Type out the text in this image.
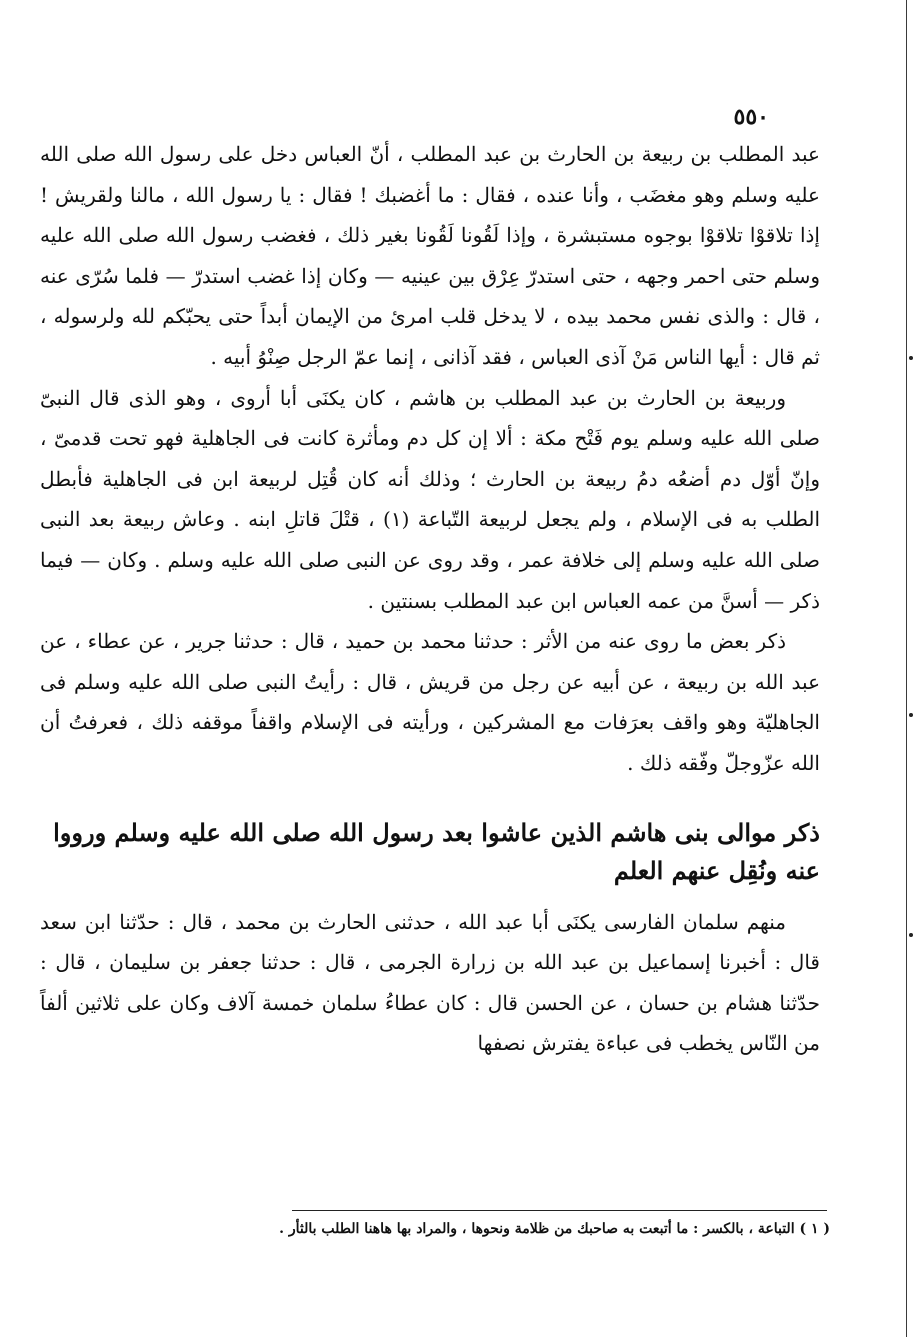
٥٥٠

عبد المطلب بن ربيعة بن الحارث بن عبد المطلب ، أنّ العباس دخل على رسول الله صلى الله عليه وسلم وهو مغضَب ، وأنا عنده ، فقال : ما أغضبك ! فقال : يا رسول الله ، مالنا ولقريش ! إذا تلاقوْا تلاقوْا بوجوه مستبشرة ، وإذا لَقُونا لَقُونا بغير ذلك ، فغضب رسول الله صلى الله عليه وسلم حتى احمر وجهه ، حتى استدرّ عِرْق بين عينيه — وكان إذا غضب استدرّ — فلما سُرّى عنه ، قال : والذى نفس محمد بيده ، لا يدخل قلب امرئ من الإيمان أبداً حتى يحبّكم لله ولرسوله ، ثم قال : أيها الناس مَنْ آذى العباس ، فقد آذانى ، إنما عمّ الرجل صِنْوُ أبيه .

وربيعة بن الحارث بن عبد المطلب بن هاشم ، كان يكنَى أبا أروى ، وهو الذى قال النبىّ صلى الله عليه وسلم يوم فَتْح مكة : ألا إن كل دم ومأثرة كانت فى الجاهلية فهو تحت قدمىّ ، وإنّ أوّل دم أضعُه دمُ ربيعة بن الحارث ؛ وذلك أنه كان قُتِل لربيعة ابن فى الجاهلية فأبطل الطلب به فى الإسلام ، ولم يجعل لربيعة التّباعة (١) ، قتْلَ قاتلِ ابنه . وعاش ربيعة بعد النبى صلى الله عليه وسلم إلى خلافة عمر ، وقد روى عن النبى صلى الله عليه وسلم . وكان — فيما ذكر — أسنَّ من عمه العباس ابن عبد المطلب بسنتين .

ذكر بعض ما روى عنه من الأثر : حدثنا محمد بن حميد ، قال : حدثنا جرير ، عن عطاء ، عن عبد الله بن ربيعة ، عن أبيه عن رجل من قريش ، قال : رأيتُ النبى صلى الله عليه وسلم فى الجاهليّة وهو واقف بعرَفات مع المشركين ، ورأيته فى الإسلام واقفاً موقفه ذلك ، فعرفتُ أن الله عزّوجلّ وفّقه ذلك .

ذكر موالى بنى هاشم الذين عاشوا بعد رسول الله صلى الله عليه وسلم ورووا
عنه ونُقِل عنهم العلم

منهم سلمان الفارسى يكنَى أبا عبد الله ، حدثنى الحارث بن محمد ، قال : حدّثنا ابن سعد قال : أخبرنا إسماعيل بن عبد الله بن زرارة الجرمى ، قال : حدثنا جعفر بن سليمان ، قال : حدّثنا هشام بن حسان ، عن الحسن قال : كان عطاءُ سلمان خمسة آلاف وكان على ثلاثين ألفاً من النّاس يخطب فى عباءة يفترش نصفها

( ١ ) التباعة ، بالكسر : ما أتبعت به صاحبك من ظلامة ونحوها ، والمراد بها هاهنا الطلب بالثأر .
